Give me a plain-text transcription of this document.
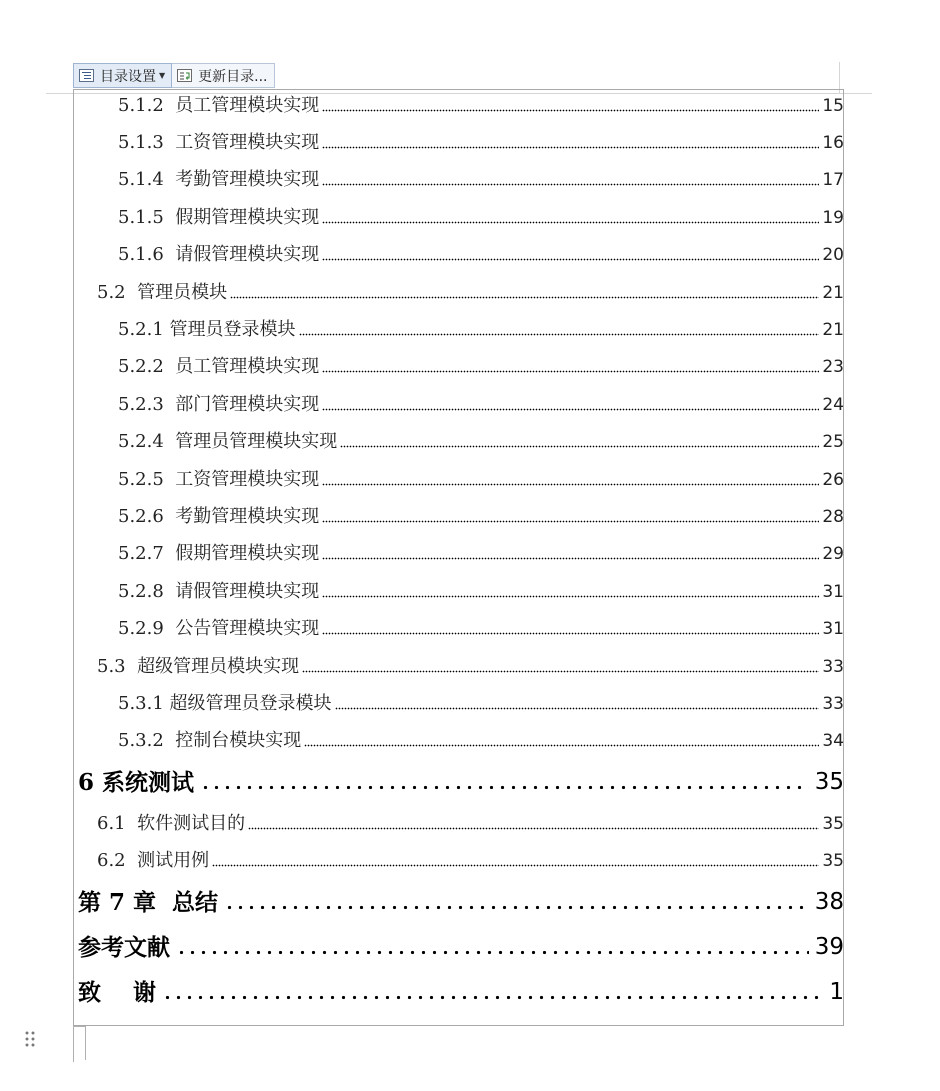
目录设置 ▼ 更新目录...
5.1.2  员工管理模块实现	15
5.1.3  工资管理模块实现	16
5.1.4  考勤管理模块实现	17
5.1.5  假期管理模块实现	19
5.1.6  请假管理模块实现	20
5.2  管理员模块	21
5.2.1 管理员登录模块	21
5.2.2  员工管理模块实现	23
5.2.3  部门管理模块实现	24
5.2.4  管理员管理模块实现	25
5.2.5  工资管理模块实现	26
5.2.6  考勤管理模块实现	28
5.2.7  假期管理模块实现	29
5.2.8  请假管理模块实现	31
5.2.9  公告管理模块实现	31
5.3  超级管理员模块实现	33
5.3.1 超级管理员登录模块	33
5.3.2  控制台模块实现	34
6 系统测试	35
6.1  软件测试目的	35
6.2  测试用例	35
第 7 章  总结	38
参考文献	39
致    谢	1
